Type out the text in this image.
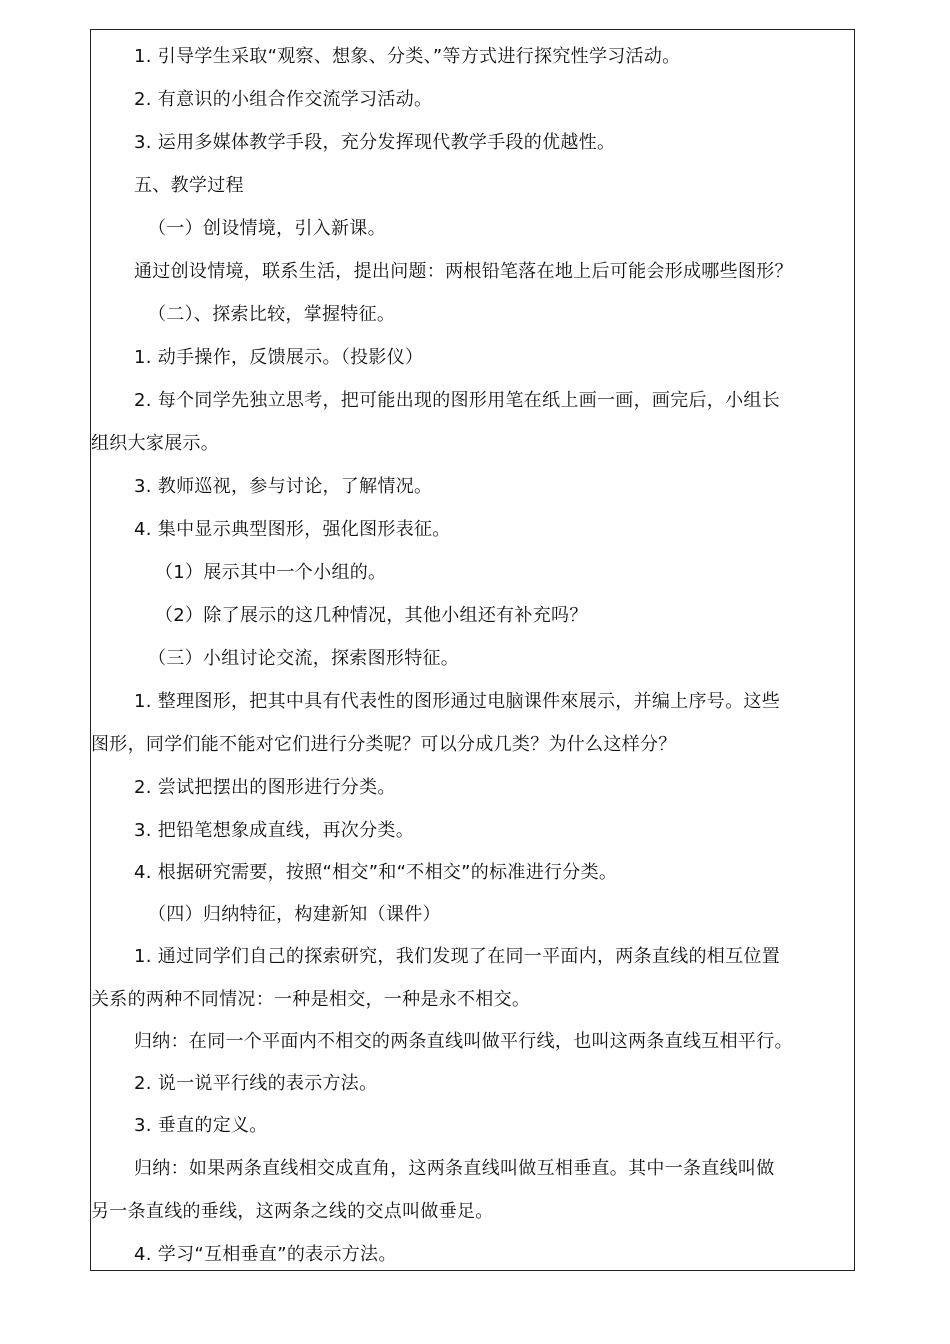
1. 引导学生采取“观察、想象、分类、”等方式进行探究性学习活动。
2. 有意识的小组合作交流学习活动。
3. 运用多媒体教学手段，充分发挥现代教学手段的优越性。
五、教学过程
（一）创设情境，引入新课。
通过创设情境，联系生活，提出问题：两根铅笔落在地上后可能会形成哪些图形？
（二）、探索比较，掌握特征。
1. 动手操作，反馈展示。（投影仪）
2. 每个同学先独立思考，把可能出现的图形用笔在纸上画一画，画完后，小组长
组织大家展示。
3. 教师巡视，参与讨论，了解情况。
4. 集中显示典型图形，强化图形表征。
（1）展示其中一个小组的。
（2）除了展示的这几种情况，其他小组还有补充吗？
（三）小组讨论交流，探索图形特征。
1. 整理图形，把其中具有代表性的图形通过电脑课件來展示，并编上序号。这些
图形，同学们能不能对它们进行分类呢？可以分成几类？为什么这样分？
2. 尝试把摆出的图形进行分类。
3. 把铅笔想象成直线，再次分类。
4. 根据研究需要，按照“相交”和“不相交”的标准进行分类。
（四）归纳特征，构建新知（课件）
1. 通过同学们自己的探索研究，我们发现了在同一平面内，两条直线的相互位置
关系的两种不同情况：一种是相交，一种是永不相交。
归纳：在同一个平面内不相交的两条直线叫做平行线，也叫这两条直线互相平行。
2. 说一说平行线的表示方法。
3. 垂直的定义。
归纳：如果两条直线相交成直角，这两条直线叫做互相垂直。其中一条直线叫做
另一条直线的垂线，这两条之线的交点叫做垂足。
4. 学习“互相垂直”的表示方法。
